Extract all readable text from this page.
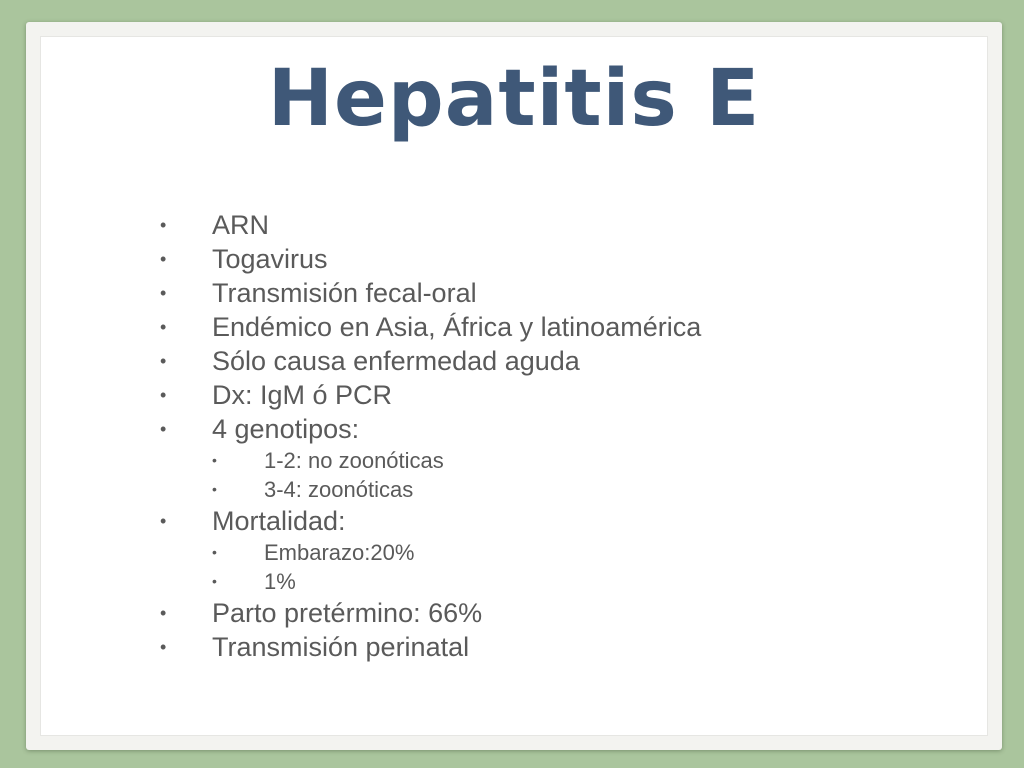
Hepatitis E
• ARN
• Togavirus
• Transmisión fecal-oral
• Endémico en Asia, África y latinoamérica
• Sólo causa enfermedad aguda
• Dx: IgM ó PCR
• 4 genotipos:
• 1-2: no zoonóticas
• 3-4: zoonóticas
• Mortalidad:
• Embarazo:20%
• 1%
• Parto pretérmino: 66%
• Transmisión perinatal
